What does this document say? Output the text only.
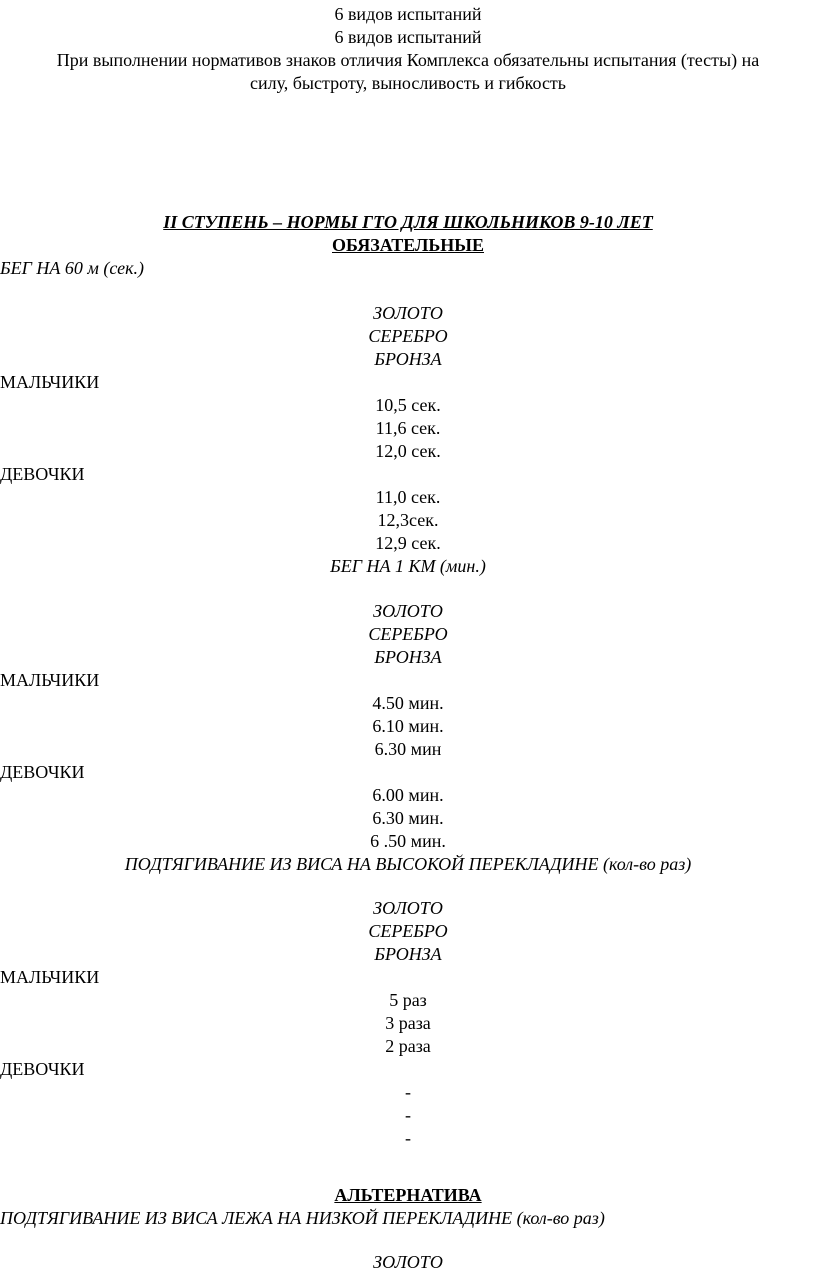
6 видов испытаний
6 видов испытаний
При выполнении нормативов знаков отличия Комплекса обязательны испытания (тесты) на
силу, быстроту, выносливость и гибкость
II СТУПЕНЬ – НОРМЫ ГТО ДЛЯ ШКОЛЬНИКОВ 9-10 ЛЕТ
ОБЯЗАТЕЛЬНЫЕ
БЕГ НА 60 м (сек.)
ЗОЛОТО
СЕРЕБРО
БРОНЗА
МАЛЬЧИКИ
10,5 сек.
11,6 сек.
12,0 сек.
ДЕВОЧКИ
11,0 сек.
12,3сек.
12,9 сек.
БЕГ НА 1 КМ (мин.)
ЗОЛОТО
СЕРЕБРО
БРОНЗА
МАЛЬЧИКИ
4.50 мин.
6.10 мин.
6.30 мин
ДЕВОЧКИ
6.00 мин.
6.30 мин.
6 .50 мин.
ПОДТЯГИВАНИЕ ИЗ ВИСА НА ВЫСОКОЙ ПЕРЕКЛАДИНЕ (кол-во раз)
ЗОЛОТО
СЕРЕБРО
БРОНЗА
МАЛЬЧИКИ
5 раз
3 раза
2 раза
ДЕВОЧКИ
-
-
-
АЛЬТЕРНАТИВА
ПОДТЯГИВАНИЕ ИЗ ВИСА ЛЕЖА НА НИЗКОЙ ПЕРЕКЛАДИНЕ (кол-во раз)
ЗОЛОТО
